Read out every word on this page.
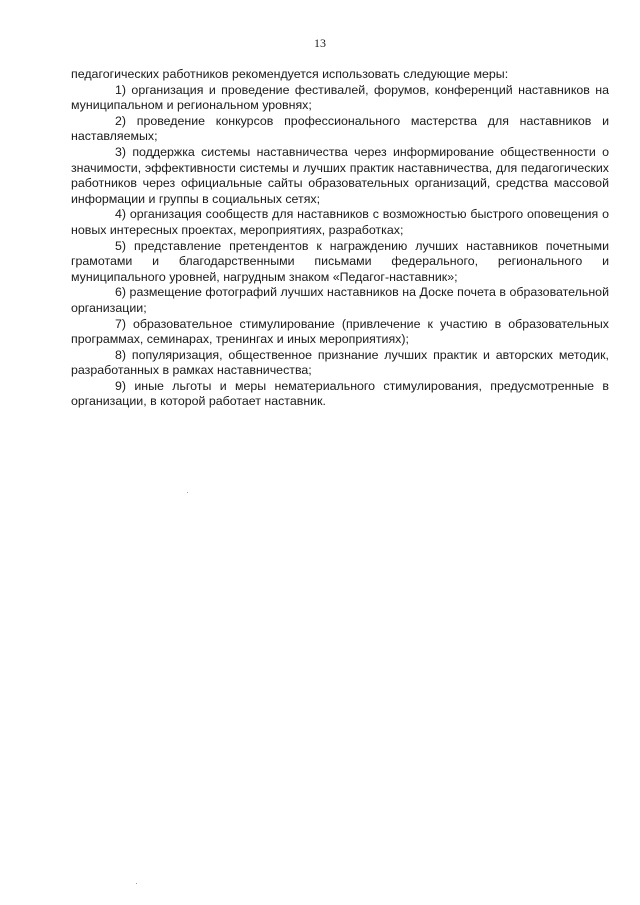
13

педагогических работников рекомендуется использовать следующие меры:

1) организация и проведение фестивалей, форумов, конференций наставников на муниципальном и региональном уровнях;

2) проведение конкурсов профессионального мастерства для наставников и наставляемых;

3) поддержка системы наставничества через информирование общественности о значимости, эффективности системы и лучших практик наставничества, для педагогических работников через официальные сайты образовательных организаций, средства массовой информации и группы в социальных сетях;

4) организация сообществ для наставников с возможностью быстрого оповещения о новых интересных проектах, мероприятиях, разработках;

5) представление претендентов к награждению лучших наставников почетными грамотами и благодарственными письмами федерального, регионального и муниципального уровней, нагрудным знаком «Педагог-наставник»;

6) размещение фотографий лучших наставников на Доске почета в образовательной организации;

7) образовательное стимулирование (привлечение к участию в образовательных программах, семинарах, тренингах и иных мероприятиях);

8) популяризация, общественное признание лучших практик и авторских методик, разработанных в рамках наставничества;

9) иные льготы и меры нематериального стимулирования, предусмотренные в организации, в которой работает наставник.
